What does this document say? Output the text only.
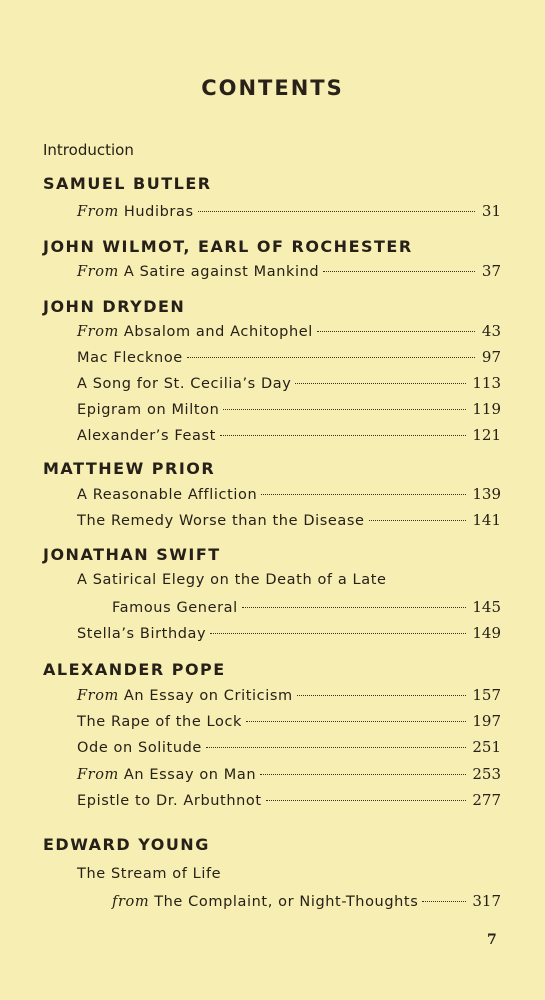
CONTENTS
Introduction
SAMUEL BUTLER
From Hudibras	31
JOHN WILMOT, EARL OF ROCHESTER
From A Satire against Mankind	37
JOHN DRYDEN
From Absalom and Achitophel	43
Mac Flecknoe	97
A Song for St. Cecilia’s Day	113
Epigram on Milton	119
Alexander’s Feast	121
MATTHEW PRIOR
A Reasonable Affliction	139
The Remedy Worse than the Disease	141
JONATHAN SWIFT
A Satirical Elegy on the Death of a Late
Famous General	145
Stella’s Birthday	149
ALEXANDER POPE
From An Essay on Criticism	157
The Rape of the Lock	197
Ode on Solitude	251
From An Essay on Man	253
Epistle to Dr. Arbuthnot	277
EDWARD YOUNG
The Stream of Life
from The Complaint, or Night-Thoughts	317
7
